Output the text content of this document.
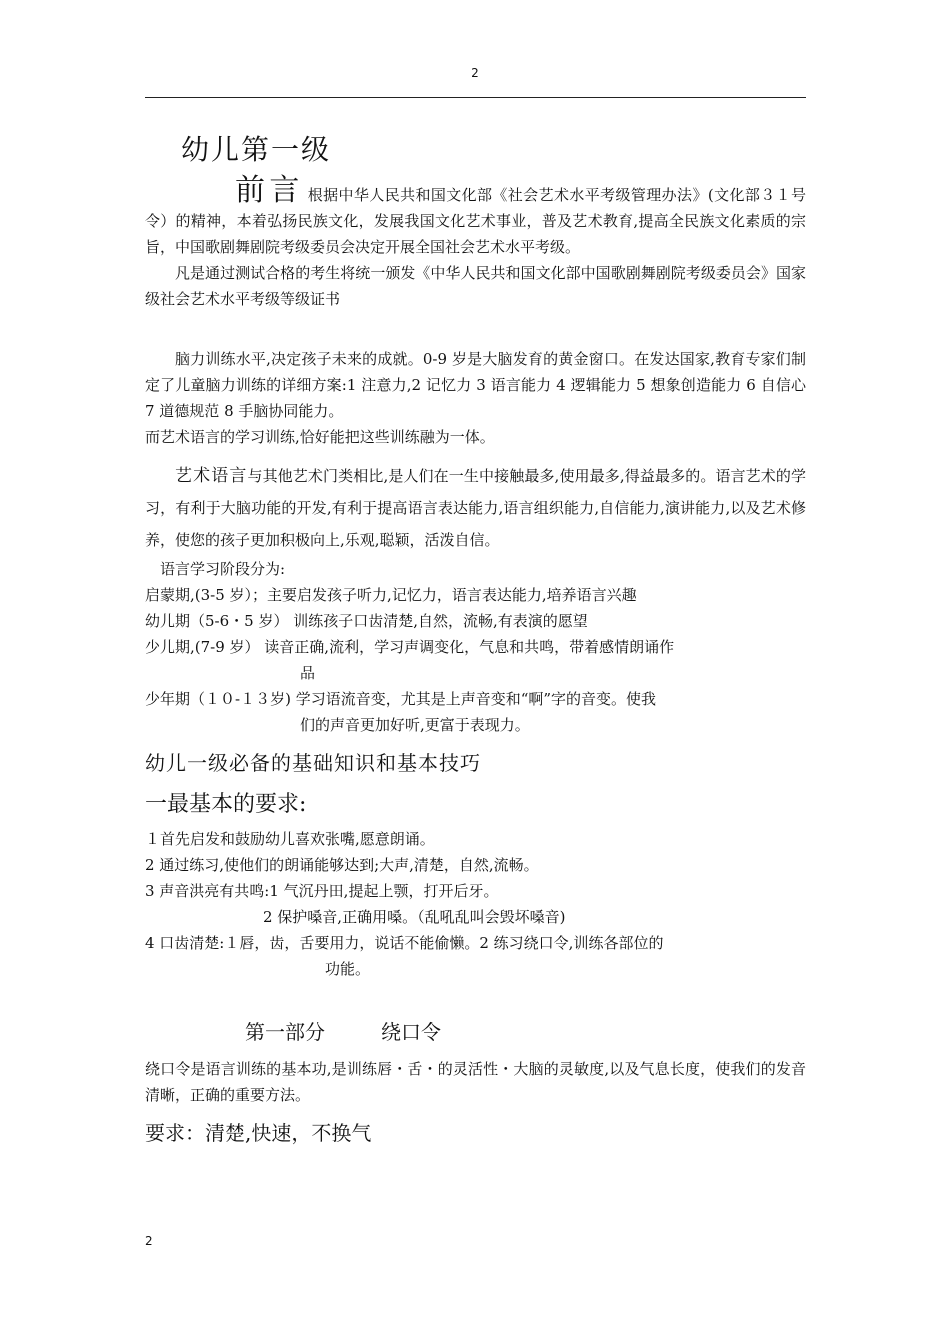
2

幼儿第一级

前言 根据中华人民共和国文化部《社会艺术水平考级管理办法》(文化部３１号令）的精神，本着弘扬民族文化，发展我国文化艺术事业，普及艺术教育,提高全民族文化素质的宗旨，中国歌剧舞剧院考级委员会决定开展全国社会艺术水平考级。

凡是通过测试合格的考生将统一颁发《中华人民共和国文化部中国歌剧舞剧院考级委员会》国家级社会艺术水平考级等级证书

脑力训练水平,决定孩子未来的成就。0-9 岁是大脑发育的黄金窗口。在发达国家,教育专家们制定了儿童脑力训练的详细方案:1 注意力,2 记忆力 3 语言能力 4 逻辑能力 5 想象创造能力 6 自信心 7 道德规范 8 手脑协同能力。

而艺术语言的学习训练,恰好能把这些训练融为一体。

艺术语言与其他艺术门类相比,是人们在一生中接触最多,使用最多,得益最多的。语言艺术的学习，有利于大脑功能的开发,有利于提高语言表达能力,语言组织能力,自信能力,演讲能力,以及艺术修养，使您的孩子更加积极向上,乐观,聪颖，活泼自信。

语言学习阶段分为:

启蒙期,(3-5 岁）；主要启发孩子听力,记忆力，语言表达能力,培养语言兴趣

幼儿期（5-6・5 岁） 训练孩子口齿清楚,自然，流畅,有表演的愿望

少儿期,(7-9 岁） 读音正确,流利，学习声调变化，气息和共鸣，带着感情朗诵作

品

少年期（１０-１３岁) 学习语流音变，尤其是上声音变和“啊”字的音变。使我

们的声音更加好听,更富于表现力。

幼儿一级必备的基础知识和基本技巧

一最基本的要求:

１首先启发和鼓励幼儿喜欢张嘴,愿意朗诵。

2 通过练习,使他们的朗诵能够达到;大声,清楚，自然,流畅。

3 声音洪亮有共鸣:1 气沉丹田,提起上颚，打开后牙。

2 保护嗓音,正确用嗓。（乱吼乱叫会毁坏嗓音)

4 口齿清楚:１唇，齿，舌要用力，说话不能偷懒。2 练习绕口令,训练各部位的

功能。

第一部分	绕口令

绕口令是语言训练的基本功,是训练唇・舌・的灵活性・大脑的灵敏度,以及气息长度，使我们的发音清晰，正确的重要方法。

要求：清楚,快速，不换气

2
